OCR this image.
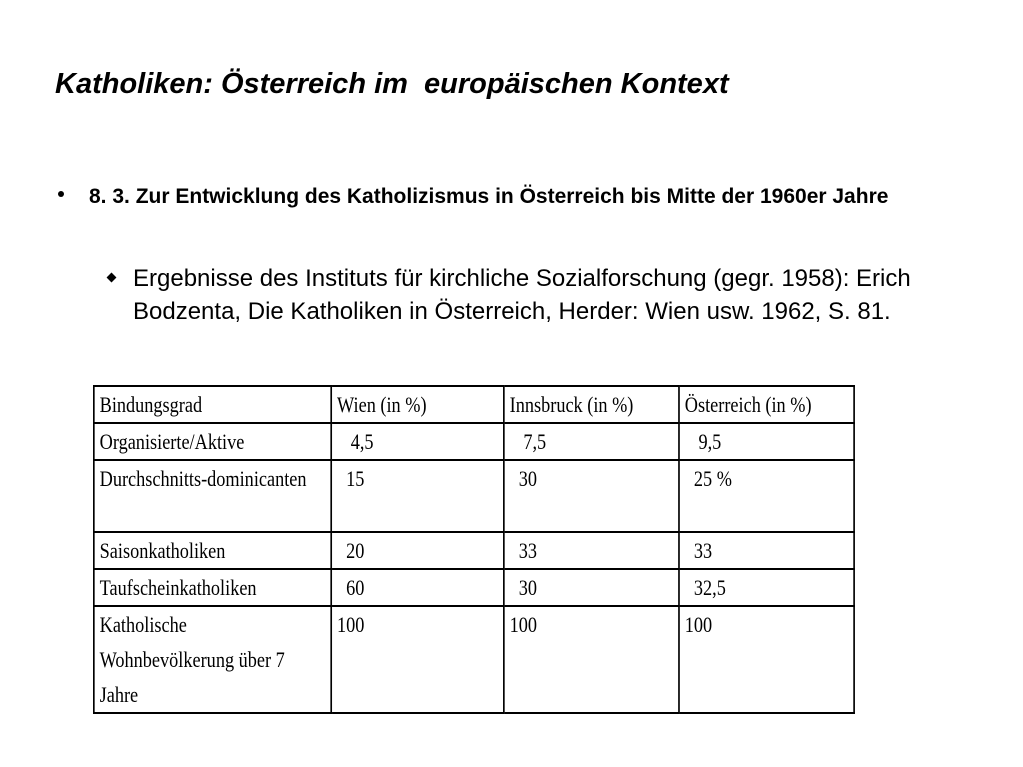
Katholiken: Österreich im  europäischen Kontext
8. 3. Zur Entwicklung des Katholizismus in Österreich bis Mitte der 1960er Jahre
Ergebnisse des Instituts für kirchliche Sozialforschung (gegr. 1958): Erich Bodzenta, Die Katholiken in Österreich, Herder: Wien usw. 1962, S. 81.
Bindungsgrad	Wien (in %)	Innsbruck (in %)	Österreich (in %)
Organisierte/Aktive	4,5	7,5	9,5
Durchschnitts-dominicanten	15	30	25 %
Saisonkatholiken	20	33	33
Taufscheinkatholiken	60	30	32,5
Katholische Wohnbevölkerung über 7 Jahre	100	100	100
